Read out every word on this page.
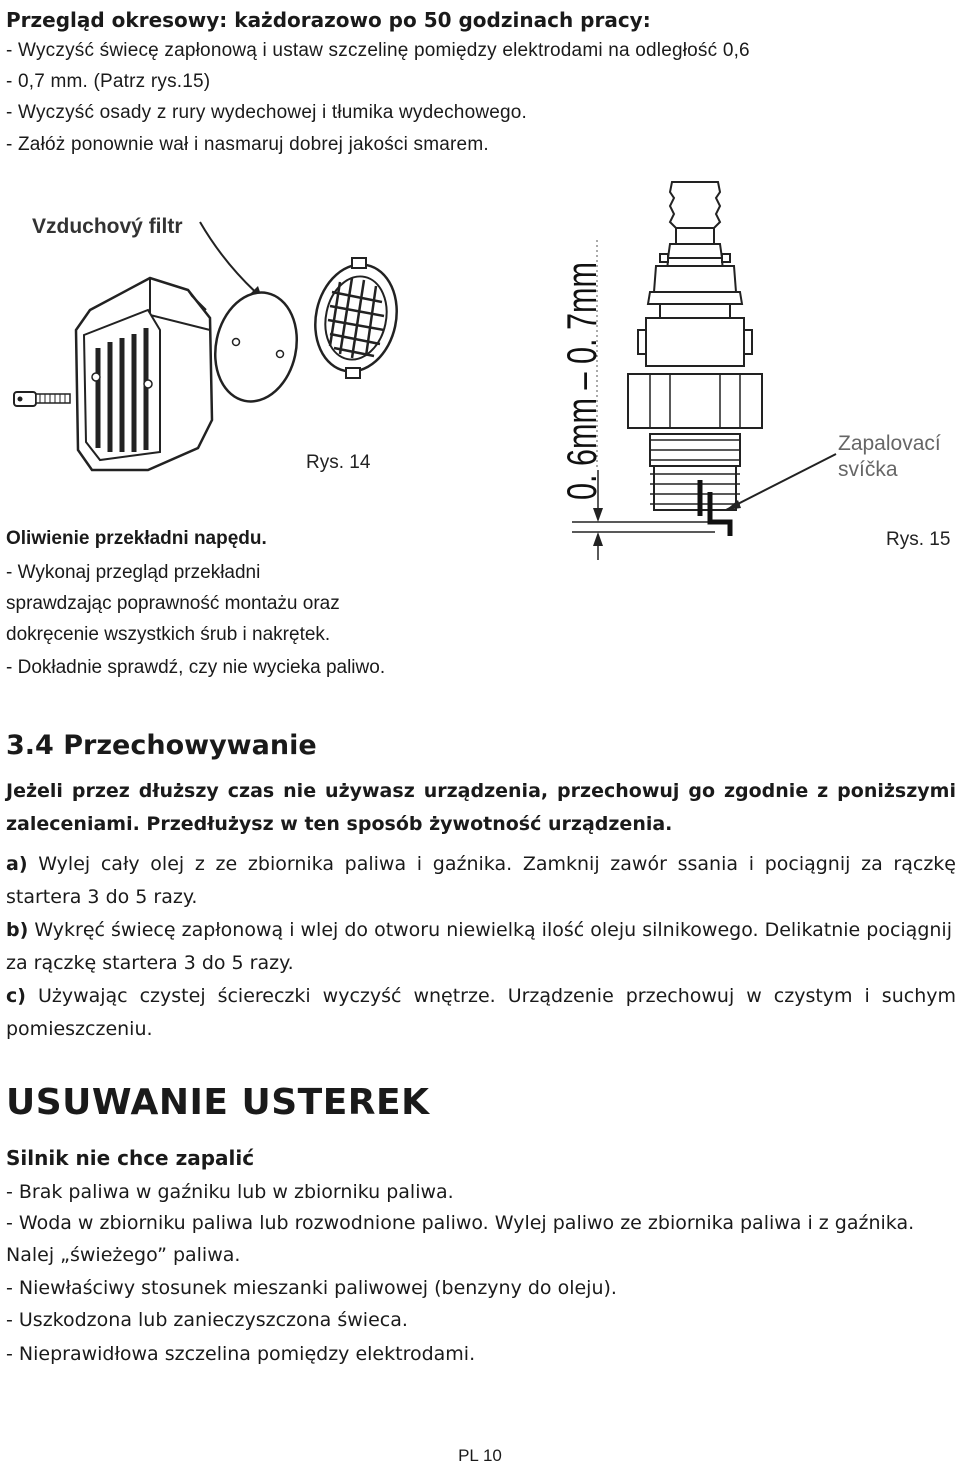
Przegląd okresowy: każdorazowo po 50 godzinach pracy:
- Wyczyść świecę zapłonową i ustaw szczelinę pomiędzy elektrodami na odległość 0,6
- 0,7 mm. (Patrz rys.15)
- Wyczyść osady z rury wydechowej i tłumika wydechowego.
- Załóż ponownie wał i nasmaruj dobrej jakości smarem.
Vzduchový filtr
Rys. 14	0. 6mm – 0. 7mm	Zapalovací
svíčka
Rys. 15
Oliwienie przekładni napędu.
- Wykonaj przegląd przekładni
sprawdzając poprawność montażu oraz
dokręcenie wszystkich śrub i nakrętek.
- Dokładnie sprawdź, czy nie wycieka paliwo.
3.4 Przechowywanie
Jeżeli przez dłuższy czas nie używasz urządzenia, przechowuj go zgodnie z poniższymi zaleceniami. Przedłużysz w ten sposób żywotność urządzenia.
a) Wylej cały olej z ze zbiornika paliwa i gaźnika. Zamknij zawór ssania i pociągnij za rączkę startera 3 do 5 razy.
b) Wykręć świecę zapłonową i wlej do otworu niewielką ilość oleju silnikowego. Delikatnie pociągnij za rączkę startera 3 do 5 razy.
c) Używając czystej ściereczki wyczyść wnętrze. Urządzenie przechowuj w czystym i suchym pomieszczeniu.
USUWANIE USTEREK
Silnik nie chce zapalić
- Brak paliwa w gaźniku lub w zbiorniku paliwa.
- Woda w zbiorniku paliwa lub rozwodnione paliwo. Wylej paliwo ze zbiornika paliwa i z gaźnika. Nalej „świeżego” paliwa.
- Niewłaściwy stosunek mieszanki paliwowej (benzyny do oleju).
- Uszkodzona lub zanieczyszczona świeca.
- Nieprawidłowa szczelina pomiędzy elektrodami.
PL 10
